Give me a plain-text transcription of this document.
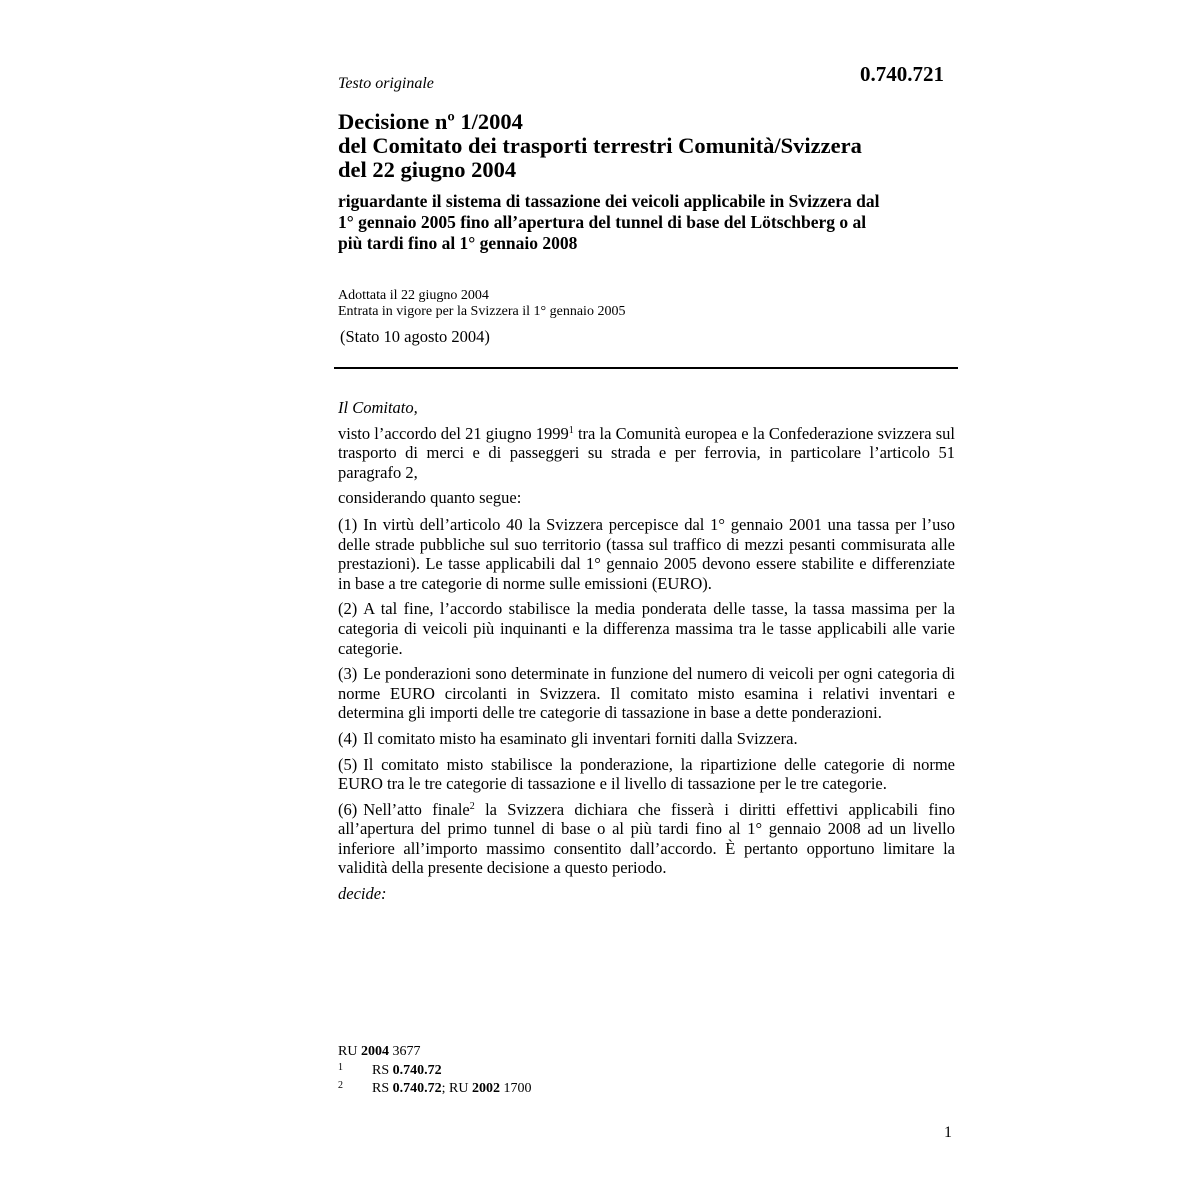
Testo originale	0.740.721
Decisione nº 1/2004
del Comitato dei trasporti terrestri Comunità/Svizzera
del 22 giugno 2004
riguardante il sistema di tassazione dei veicoli applicabile in Svizzera dal
1° gennaio 2005 fino all’apertura del tunnel di base del Lötschberg o al
più tardi fino al 1° gennaio 2008
Adottata il 22 giugno 2004
Entrata in vigore per la Svizzera il 1° gennaio 2005
(Stato 10 agosto 2004)

Il Comitato,

visto l’accordo del 21 giugno 1999$^1$ tra la Comunità europea e la Confederazione svizzera sul trasporto di merci e di passeggeri su strada e per ferrovia, in particolare l’articolo 51 paragrafo 2,

considerando quanto segue:

(1) In virtù dell’articolo 40 la Svizzera percepisce dal 1° gennaio 2001 una tassa per l’uso delle strade pubbliche sul suo territorio (tassa sul traffico di mezzi pesanti commisurata alle prestazioni). Le tasse applicabili dal 1° gennaio 2005 devono essere stabilite e differenziate in base a tre categorie di norme sulle emissioni (EURO).

(2) A tal fine, l’accordo stabilisce la media ponderata delle tasse, la tassa massima per la categoria di veicoli più inquinanti e la differenza massima tra le tasse applicabili alle varie categorie.

(3) Le ponderazioni sono determinate in funzione del numero di veicoli per ogni categoria di norme EURO circolanti in Svizzera. Il comitato misto esamina i relativi inventari e determina gli importi delle tre categorie di tassazione in base a dette ponderazioni.

(4) Il comitato misto ha esaminato gli inventari forniti dalla Svizzera.

(5) Il comitato misto stabilisce la ponderazione, la ripartizione delle categorie di norme EURO tra le tre categorie di tassazione e il livello di tassazione per le tre categorie.

(6) Nell’atto finale$^2$ la Svizzera dichiara che fisserà i diritti effettivi applicabili fino all’apertura del primo tunnel di base o al più tardi fino al 1° gennaio 2008 ad un livello inferiore all’importo massimo consentito dall’accordo. È pertanto opportuno limitare la validità della presente decisione a questo periodo.

decide:

RU 2004 3677
1 RS 0.740.72
2 RS 0.740.72; RU 2002 1700
1
